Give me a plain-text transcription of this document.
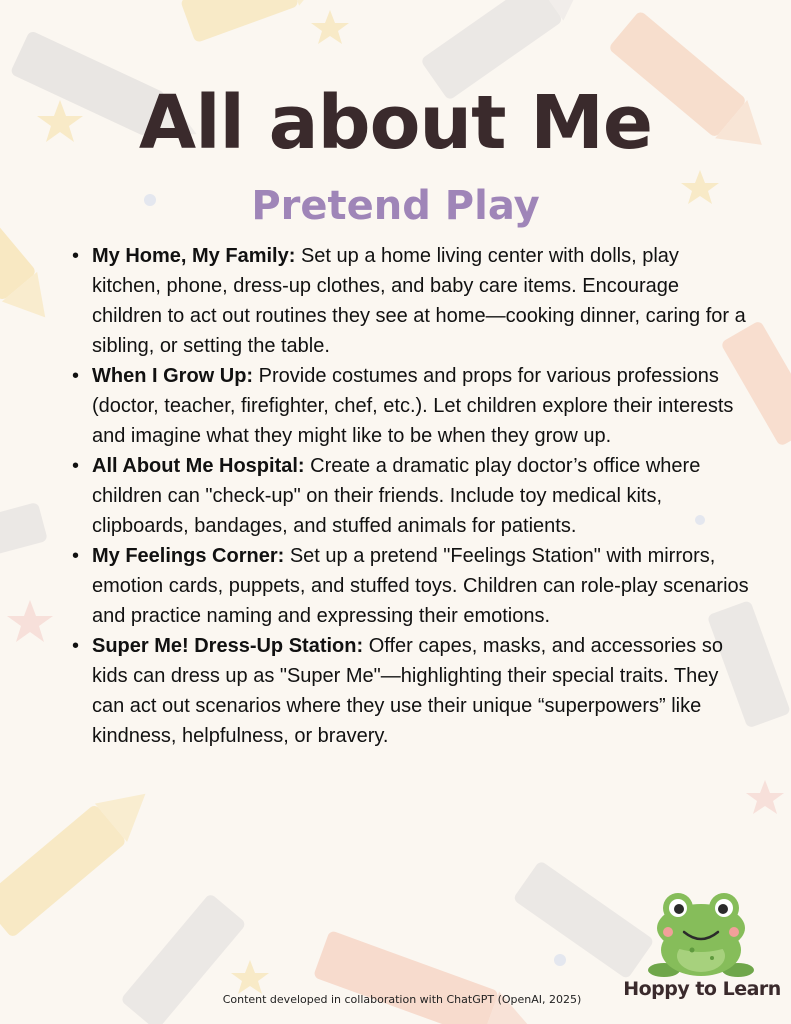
All about Me
Pretend Play
• My Home, My Family: Set up a home living center with dolls, play kitchen, phone, dress-up clothes, and baby care items. Encourage children to act out routines they see at home—cooking dinner, caring for a sibling, or setting the table.
• When I Grow Up: Provide costumes and props for various professions (doctor, teacher, firefighter, chef, etc.). Let children explore their interests and imagine what they might like to be when they grow up.
• All About Me Hospital: Create a dramatic play doctor’s office where children can "check-up" on their friends. Include toy medical kits, clipboards, bandages, and stuffed animals for patients.
• My Feelings Corner: Set up a pretend "Feelings Station" with mirrors, emotion cards, puppets, and stuffed toys. Children can role-play scenarios and practice naming and expressing their emotions.
• Super Me! Dress-Up Station: Offer capes, masks, and accessories so kids can dress up as "Super Me"—highlighting their special traits. They can act out scenarios where they use their unique “superpowers” like kindness, helpfulness, or bravery.
Content developed in collaboration with ChatGPT (OpenAI, 2025) Hoppy to Learn
